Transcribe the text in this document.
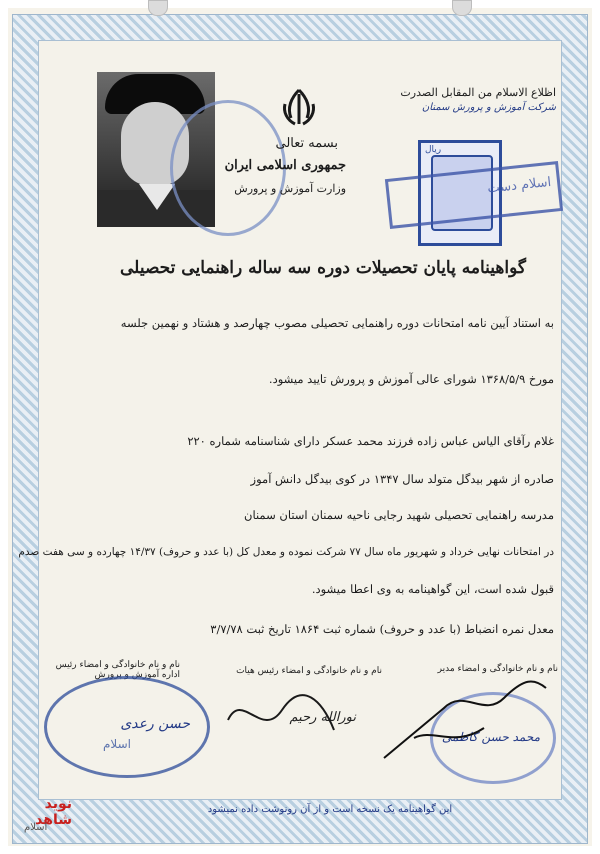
بسمه تعالی
جمهوری اسلامی ایران
وزارت آموزش و پرورش
اظلاع الاسلام من المقابل الصدرت
شرکت آموزش و پرورش سمنان
ریال
اسلام دست
گواهینامه پایان تحصیلات دوره سه ساله راهنمایی تحصیلی
به استناد آیین نامه امتحانات دوره راهنمایی تحصیلی مصوب چهارصد و هشتاد و نهمین جلسه
مورخ ۱۳۶۸/۵/۹ شورای عالی آموزش و پرورش تایید میشود.
غلام رآقای الیاس عباس زاده فرزند محمد عسکر دارای شناسنامه شماره ۲۲۰
صادره از شهر بیدگل متولد سال ۱۳۴۷ در کوی بیدگل دانش آموز
مدرسه راهنمایی تحصیلی شهید رجایی ناحیه سمنان استان سمنان
در امتحانات نهایی خرداد و شهریور ماه سال ۷۷ شرکت نموده و معدل کل (با عدد و حروف) ۱۴/۳۷ چهارده و سی هفت صدم
قبول شده است، این گواهینامه به وی اعطا میشود.
معدل نمره انضباط (با عدد و حروف) شماره ثبت ۱۸۶۴ تاریخ ثبت ۳/۷/۷۸
نام و نام خانوادگی و امضاء مدیر
نام و نام خانوادگی و امضاء رئیس هیات
نام و نام خانوادگی و امضاء رئیس اداره آموزش و پرورش
اسلام
حسن رعدی	نورالله رحیم
محمد حسن کاظمی
این گواهینامه یک نسخه است و از آن رونوشت داده نمیشود
نوید شاهد
اسلام
